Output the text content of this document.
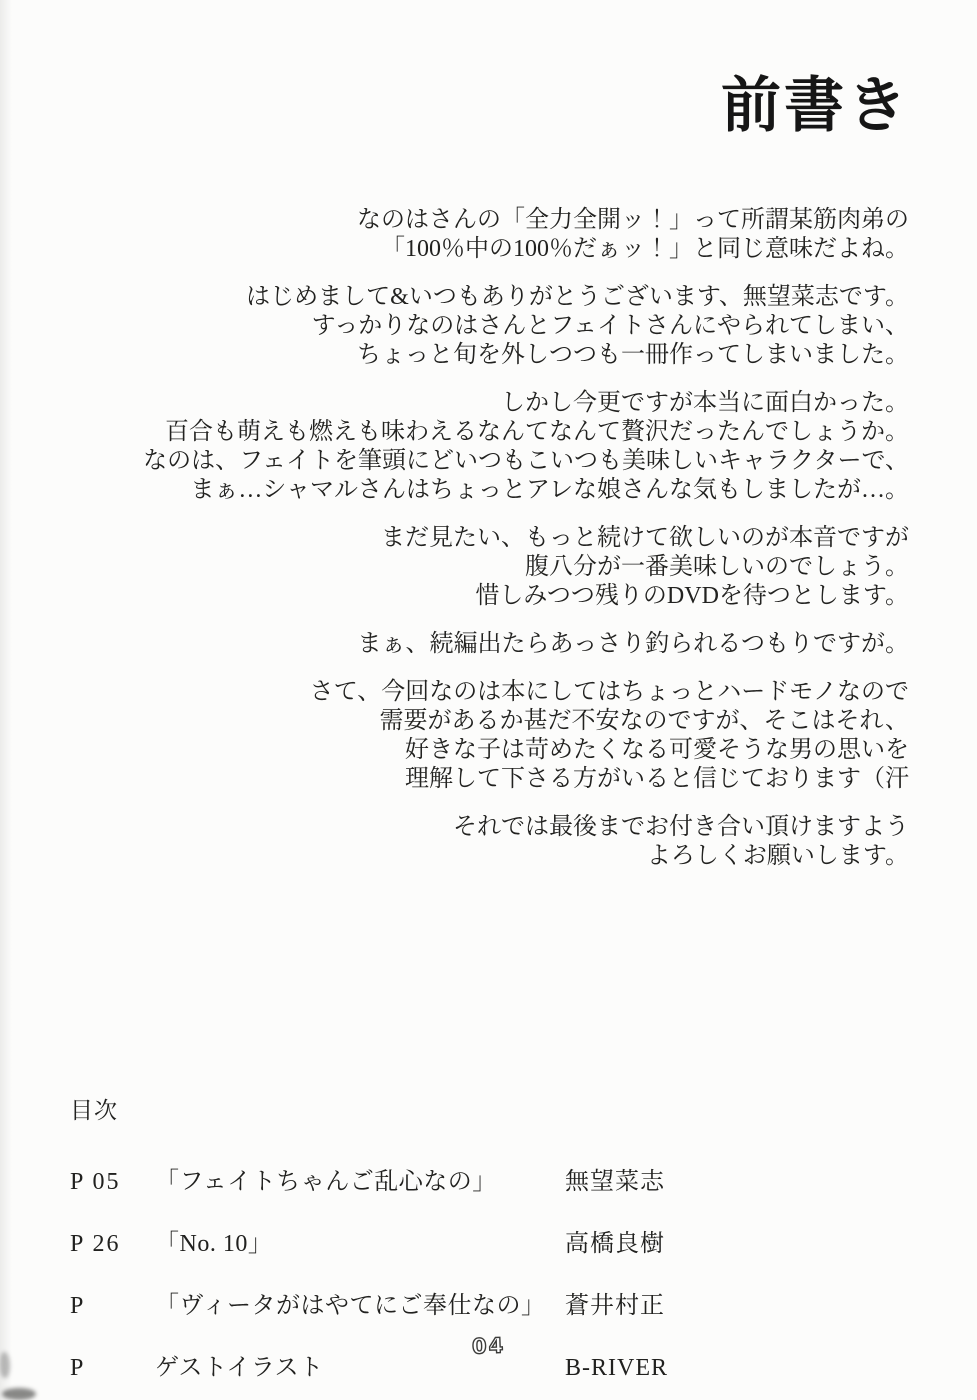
前書き
なのはさんの「全力全開ッ！」って所謂某筋肉弟の
「100％中の100％だぁッ！」と同じ意味だよね。
はじめまして&いつもありがとうございます、無望菜志です。
すっかりなのはさんとフェイトさんにやられてしまい、
ちょっと旬を外しつつも一冊作ってしまいました。
しかし今更ですが本当に面白かった。
百合も萌えも燃えも味わえるなんてなんて贅沢だったんでしょうか。
なのは、フェイトを筆頭にどいつもこいつも美味しいキャラクターで、
まぁ…シャマルさんはちょっとアレな娘さんな気もしましたが…。
まだ見たい、もっと続けて欲しいのが本音ですが
腹八分が一番美味しいのでしょう。
惜しみつつ残りのDVDを待つとします。
まぁ、続編出たらあっさり釣られるつもりですが。
さて、今回なのは本にしてはちょっとハードモノなので
需要があるか甚だ不安なのですが、そこはそれ、
好きな子は苛めたくなる可愛そうな男の思いを
理解して下さる方がいると信じております（汗
それでは最後までお付き合い頂けますよう
よろしくお願いします。
目次
P 05	「フェイトちゃんご乱心なの」	無望菜志
P 26	「No. 10」	高橋良樹
P	「ヴィータがはやてにご奉仕なの」 蒼井村正
P	ゲストイラスト	B-RIVER
04
